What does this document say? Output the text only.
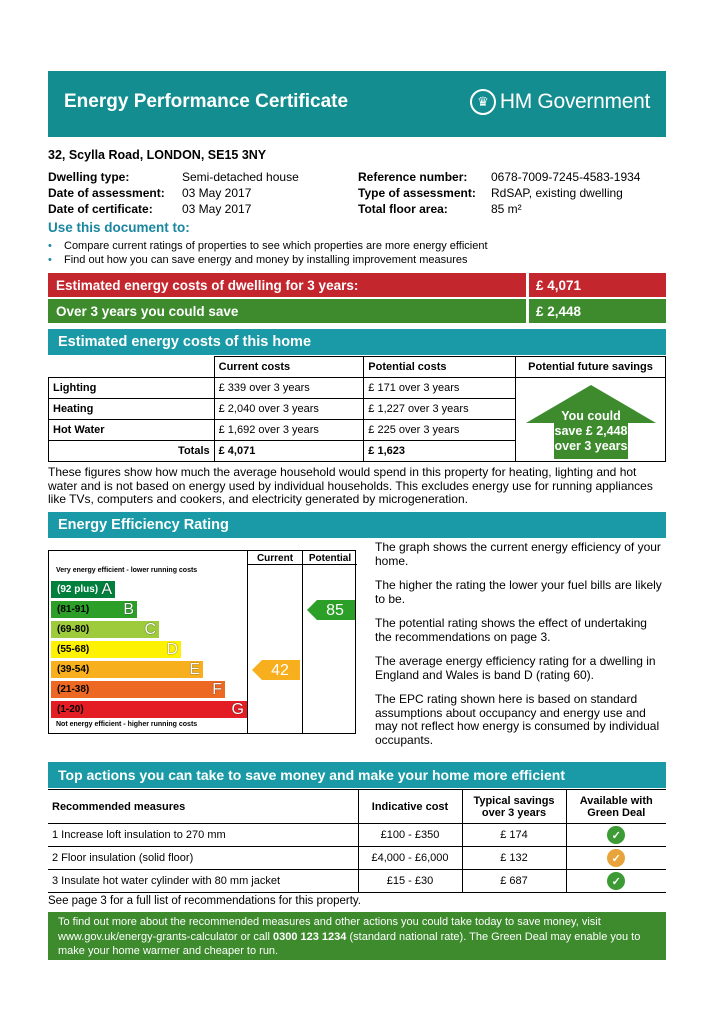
Energy Performance Certificate	♛ HM Government
32, Scylla Road, LONDON, SE15 3NY
Dwelling type:	Semi-detached house
Date of assessment: 03 May 2017
Date of certificate: 03 May 2017
Reference number: 0678-7009-7245-4583-1934
Type of assessment: RdSAP, existing dwelling
Total floor area:	85 m²
Use this document to:
• Compare current ratings of properties to see which properties are more energy efficient
• Find out how you can save energy and money by installing improvement measures
Estimated energy costs of dwelling for 3 years:	£ 4,071
Over 3 years you could save	£ 2,448
Estimated energy costs of this home
	Current costs	Potential costs
Lighting	£ 339 over 3 years	£ 171 over 3 years
Heating	£ 2,040 over 3 years	£ 1,227 over 3 years
Hot Water	£ 1,692 over 3 years	£ 225 over 3 years
Totals	£ 4,071	£ 1,623
Potential future savings
You could
save £ 2,448
over 3 years
These figures show how much the average household would spend in this property for heating, lighting and hot water and is not based on energy used by individual households. This excludes energy use for running appliances like TVs, computers and cookers, and electricity generated by microgeneration.
Energy Efficiency Rating
Current	Potential
Very energy efficient - lower running costs
(92 plus) A
(81-91) B
(69-80)	C
(55-68)	D
(39-54)	E
(21-38)	F
(1-20)	G
Not energy efficient - higher running costs
42
85

The graph shows the current energy efficiency of your home.

The higher the rating the lower your fuel bills are likely to be.

The potential rating shows the effect of undertaking the recommendations on page 3.

The average energy efficiency rating for a dwelling in England and Wales is band D (rating 60).

The EPC rating shown here is based on standard assumptions about occupancy and energy use and may not reflect how energy is consumed by individual occupants.

Top actions you can take to save money and make your home more efficient
Recommended measures	Indicative cost	Typical savings over 3 years	Available with Green Deal
1 Increase loft insulation to 270 mm	£100 - £350	£ 174	✓
2 Floor insulation (solid floor)	£4,000 - £6,000	£ 132	✓
3 Insulate hot water cylinder with 80 mm jacket	£15 - £30	£ 687	✓
See page 3 for a full list of recommendations for this property.
To find out more about the recommended measures and other actions you could take today to save money, visit www.gov.uk/energy-grants-calculator or call 0300 123 1234 (standard national rate). The Green Deal may enable you to make your home warmer and cheaper to run.
